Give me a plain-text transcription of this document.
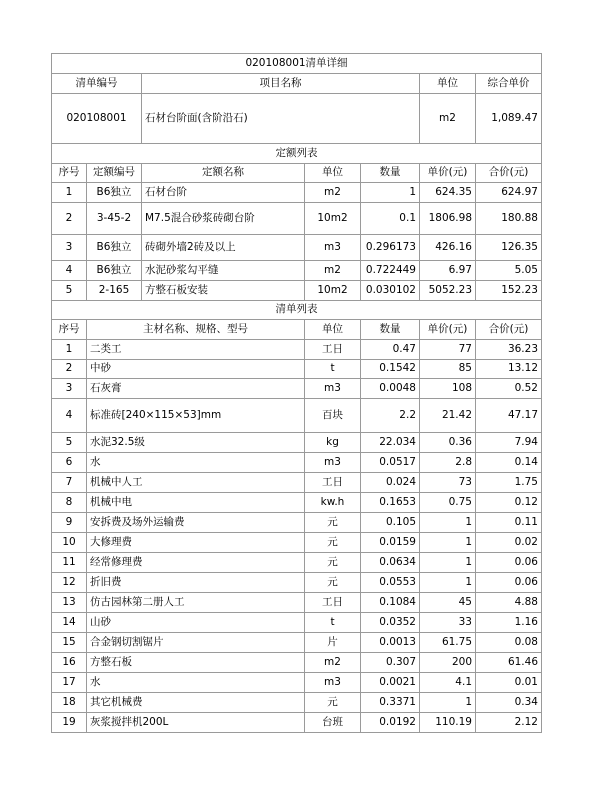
020108001清单详细						
清单编号		项目名称			单位	综合单价
020108001		石材台阶面(含阶沿石)			m2	1,089.47
定额列表						
序号	定额编号	定额名称	单位	数量	单价(元)	合价(元)
1	B6独立	石材台阶	m2	1	624.35	624.97
2	3-45-2	M7.5混合砂浆砖砌台阶	10m2	0.1	1806.98	180.88
3	B6独立	砖砌外墙2砖及以上	m3	0.296173	426.16	126.35
4	B6独立	水泥砂浆勾平缝	m2	0.722449	6.97	5.05
5	2-165	方整石板安装	10m2	0.030102	5052.23	152.23
清单列表						
序号	主材名称、规格、型号		单位	数量	单价(元)	合价(元)
1	二类工		工日	0.47	77	36.23
2	中砂		t	0.1542	85	13.12
3	石灰膏		m3	0.0048	108	0.52
4	标准砖[240×115×53]mm		百块	2.2	21.42	47.17
5	水泥32.5级		kg	22.034	0.36	7.94
6	水		m3	0.0517	2.8	0.14
7	机械中人工		工日	0.024	73	1.75
8	机械中电		kw.h	0.1653	0.75	0.12
9	安拆费及场外运输费		元	0.105	1	0.11
10	大修理费		元	0.0159	1	0.02
11	经常修理费		元	0.0634	1	0.06
12	折旧费		元	0.0553	1	0.06
13	仿古园林第二册人工		工日	0.1084	45	4.88
14	山砂		t	0.0352	33	1.16
15	合金钢切割锯片		片	0.0013	61.75	0.08
16	方整石板		m2	0.307	200	61.46
17	水		m3	0.0021	4.1	0.01
18	其它机械费		元	0.3371	1	0.34
19	灰浆搅拌机200L		台班	0.0192	110.19	2.12
